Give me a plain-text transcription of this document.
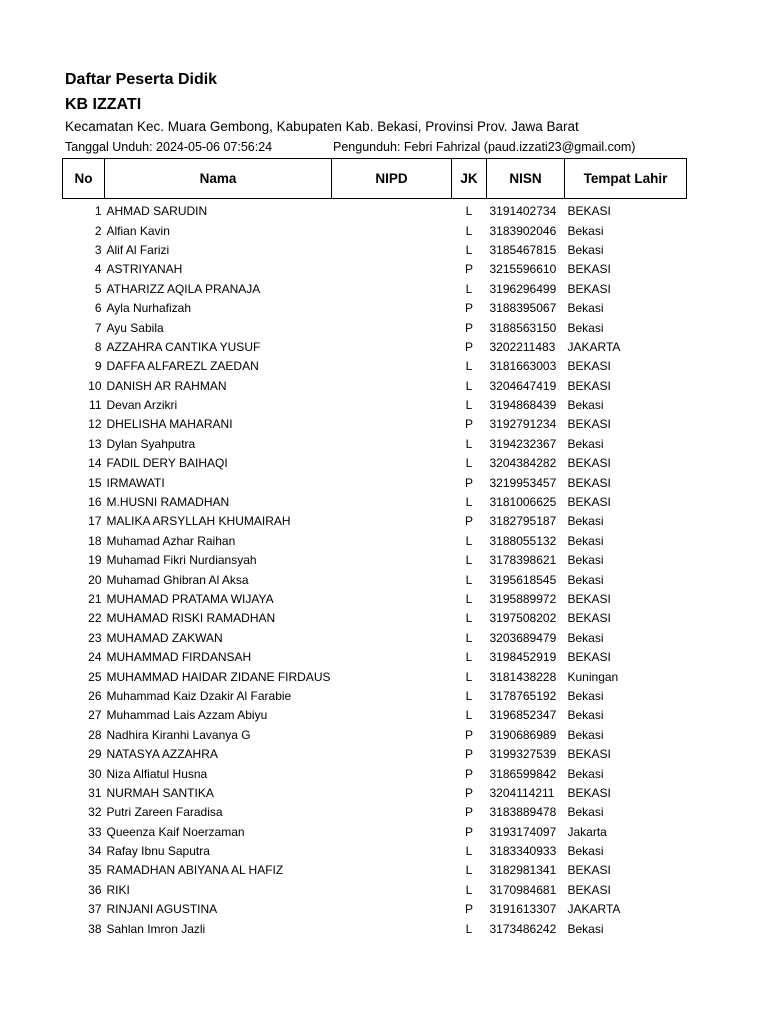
Daftar Peserta Didik
KB IZZATI
Kecamatan Kec. Muara Gembong, Kabupaten Kab. Bekasi, Provinsi Prov. Jawa Barat
Tanggal Unduh: 2024-05-06 07:56:24	Pengunduh: Febri Fahrizal (paud.izzati23@gmail.com)
No	Nama	NIPD	JK	NISN	Tempat Lahir

1	AHMAD SARUDIN		L	3191402734	BEKASI
2	Alfian Kavin		L	3183902046	Bekasi
3	Alif Al Farizi		L	3185467815	Bekasi
4	ASTRIYANAH		P	3215596610	BEKASI
5	ATHARIZZ AQILA PRANAJA		L	3196296499	BEKASI
6	Ayla Nurhafizah		P	3188395067	Bekasi
7	Ayu Sabila		P	3188563150	Bekasi
8	AZZAHRA CANTIKA YUSUF		P	3202211483	JAKARTA
9	DAFFA ALFAREZL ZAEDAN		L	3181663003	BEKASI
10	DANISH AR RAHMAN		L	3204647419	BEKASI
11	Devan Arzikri		L	3194868439	Bekasi
12	DHELISHA MAHARANI		P	3192791234	BEKASI
13	Dylan Syahputra		L	3194232367	Bekasi
14	FADIL DERY BAIHAQI		L	3204384282	BEKASI
15	IRMAWATI		P	3219953457	BEKASI
16	M.HUSNI RAMADHAN		L	3181006625	BEKASI
17	MALIKA ARSYLLAH KHUMAIRAH		P	3182795187	Bekasi
18	Muhamad Azhar Raihan		L	3188055132	Bekasi
19	Muhamad Fikri Nurdiansyah		L	3178398621	Bekasi
20	Muhamad Ghibran Al Aksa		L	3195618545	Bekasi
21	MUHAMAD PRATAMA WIJAYA		L	3195889972	BEKASI
22	MUHAMAD RISKI RAMADHAN		L	3197508202	BEKASI
23	MUHAMAD ZAKWAN		L	3203689479	Bekasi
24	MUHAMMAD FIRDANSAH		L	3198452919	BEKASI
25	MUHAMMAD HAIDAR ZIDANE FIRDAUS		L	3181438228	Kuningan
26	Muhammad Kaiz Dzakir Al Farabie		L	3178765192	Bekasi
27	Muhammad Lais Azzam Abiyu		L	3196852347	Bekasi
28	Nadhira Kiranhi Lavanya G		P	3190686989	Bekasi
29	NATASYA AZZAHRA		P	3199327539	BEKASI
30	Niza Alfiatul Husna		P	3186599842	Bekasi
31	NURMAH SANTIKA		P	3204114211	BEKASI
32	Putri Zareen Faradisa		P	3183889478	Bekasi
33	Queenza Kaif Noerzaman		P	3193174097	Jakarta
34	Rafay Ibnu Saputra		L	3183340933	Bekasi
35	RAMADHAN ABIYANA AL HAFIZ		L	3182981341	BEKASI
36	RIKI		L	3170984681	BEKASI
37	RINJANI AGUSTINA		P	3191613307	JAKARTA
38	Sahlan Imron Jazli		L	3173486242	Bekasi
